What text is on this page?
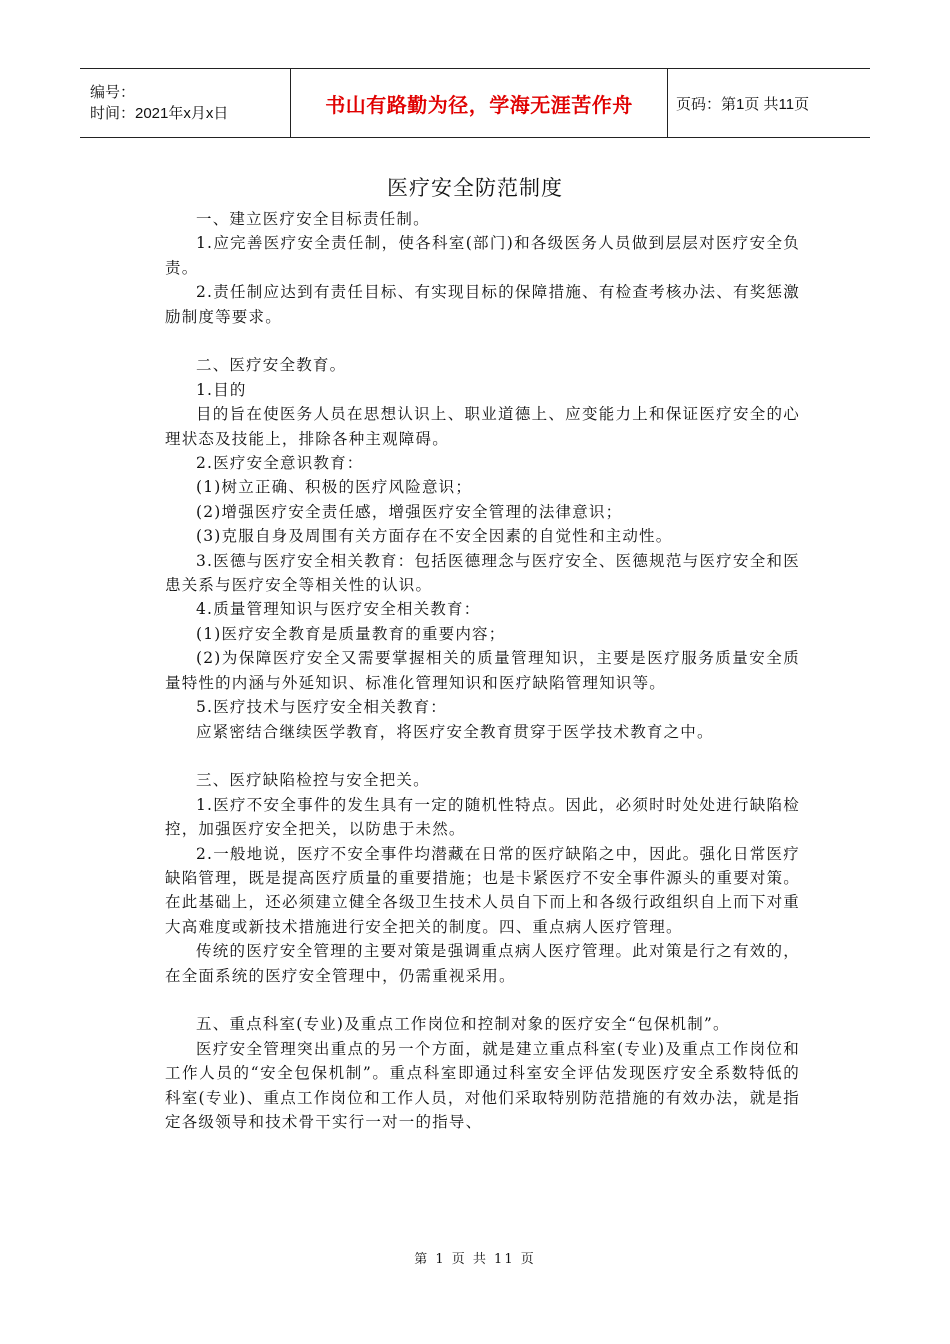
编号：
时间：2021年x月x日	书山有路勤为径，学海无涯苦作舟	页码：第1页 共11页
医疗安全防范制度

一、建立医疗安全目标责任制。

1.应完善医疗安全责任制，使各科室(部门)和各级医务人员做到层层对医疗安全负责。

2.责任制应达到有责任目标、有实现目标的保障措施、有检查考核办法、有奖惩激励制度等要求。

二、医疗安全教育。

1.目的

目的旨在使医务人员在思想认识上、职业道德上、应变能力上和保证医疗安全的心理状态及技能上，排除各种主观障碍。

2.医疗安全意识教育：

(1)树立正确、积极的医疗风险意识；

(2)增强医疗安全责任感，增强医疗安全管理的法律意识；

(3)克服自身及周围有关方面存在不安全因素的自觉性和主动性。

3.医德与医疗安全相关教育：包括医德理念与医疗安全、医德规范与医疗安全和医患关系与医疗安全等相关性的认识。

4.质量管理知识与医疗安全相关教育：

(1)医疗安全教育是质量教育的重要内容；

(2)为保障医疗安全又需要掌握相关的质量管理知识，主要是医疗服务质量安全质量特性的内涵与外延知识、标准化管理知识和医疗缺陷管理知识等。

5.医疗技术与医疗安全相关教育：

应紧密结合继续医学教育，将医疗安全教育贯穿于医学技术教育之中。

三、医疗缺陷检控与安全把关。

1.医疗不安全事件的发生具有一定的随机性特点。因此，必须时时处处进行缺陷检控，加强医疗安全把关，以防患于未然。

2.一般地说，医疗不安全事件均潜藏在日常的医疗缺陷之中，因此。强化日常医疗缺陷管理，既是提高医疗质量的重要措施；也是卡紧医疗不安全事件源头的重要对策。在此基础上，还必须建立健全各级卫生技术人员自下而上和各级行政组织自上而下对重大高难度或新技术措施进行安全把关的制度。四、重点病人医疗管理。

传统的医疗安全管理的主要对策是强调重点病人医疗管理。此对策是行之有效的，在全面系统的医疗安全管理中，仍需重视采用。

五、重点科室(专业)及重点工作岗位和控制对象的医疗安全“包保机制”。

医疗安全管理突出重点的另一个方面，就是建立重点科室(专业)及重点工作岗位和工作人员的“安全包保机制”。重点科室即通过科室安全评估发现医疗安全系数特低的科室(专业)、重点工作岗位和工作人员，对他们采取特别防范措施的有效办法，就是指定各级领导和技术骨干实行一对一的指导、

第 1 页 共 11 页
